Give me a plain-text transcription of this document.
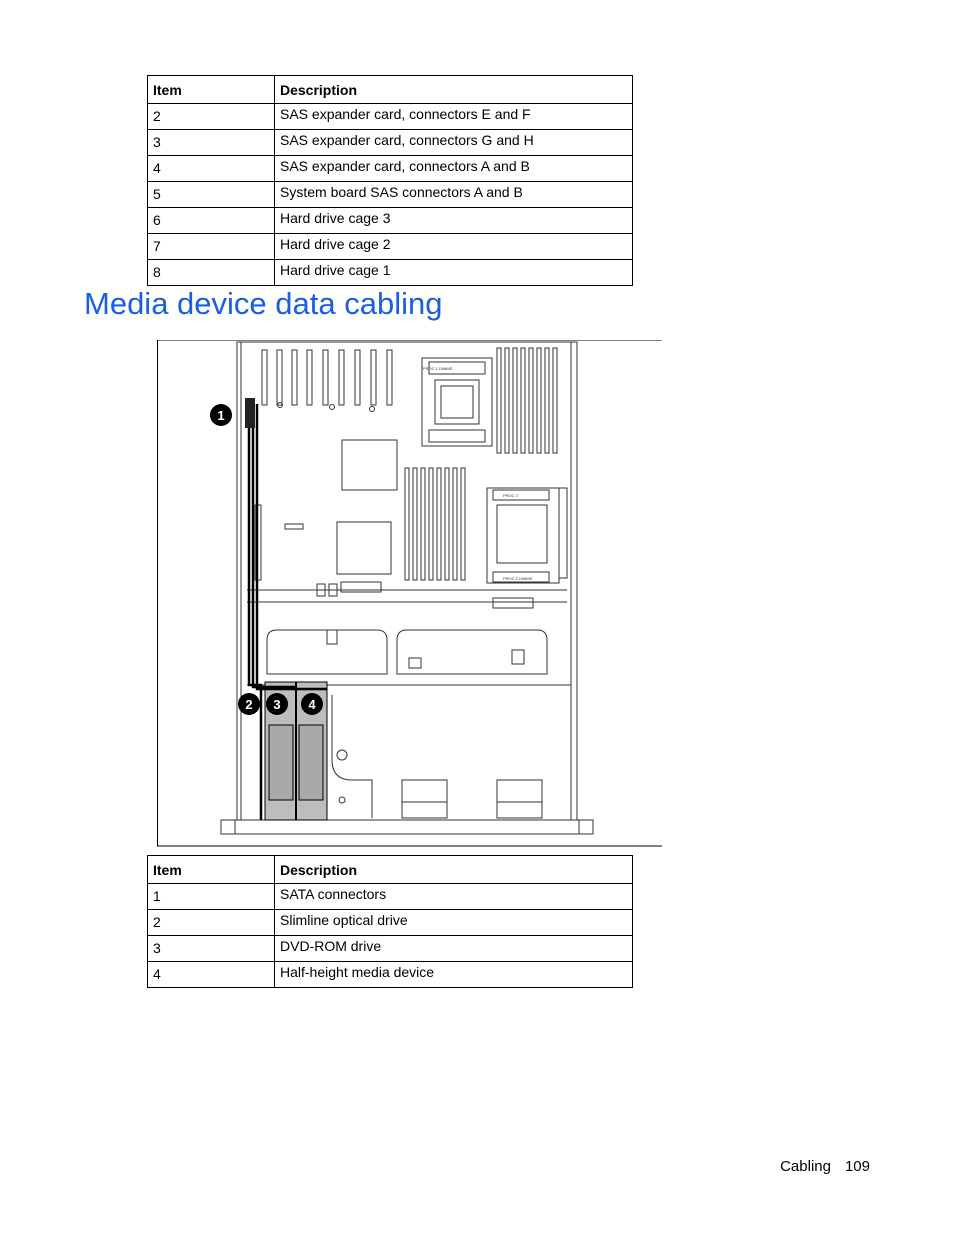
Item	Description
2	SAS expander card, connectors E and F
3	SAS expander card, connectors G and H
4	SAS expander card, connectors A and B
5	System board SAS connectors A and B
6	Hard drive cage 3
7	Hard drive cage 2
8	Hard drive cage 1
Media device data cabling
1
2 3 4
PROC 1 DIMMS
PROC 2
PROC 2 DIMMS
Item	Description
1	SATA connectors
2	Slimline optical drive
3	DVD-ROM drive
4	Half-height media device
Cabling 109
